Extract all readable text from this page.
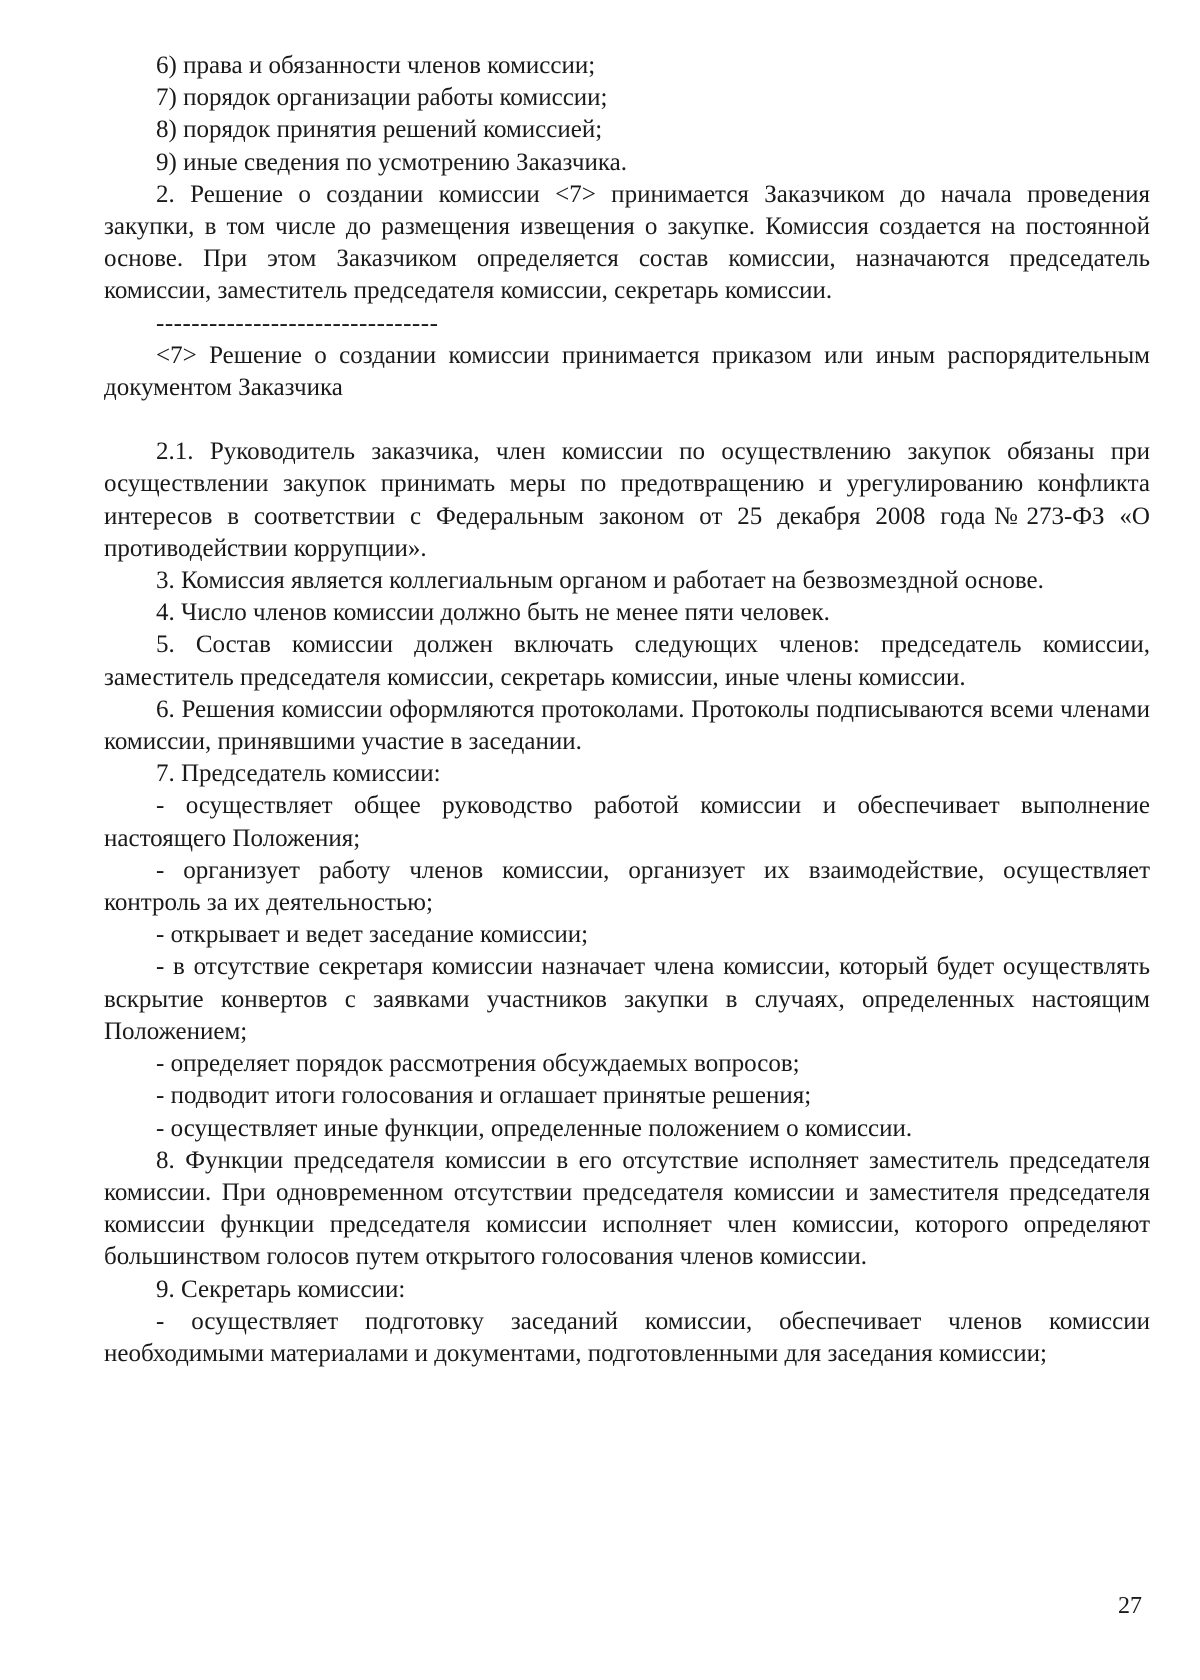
6) права и обязанности членов комиссии;

7) порядок организации работы комиссии;

8) порядок принятия решений комиссией;

9) иные сведения по усмотрению Заказчика.

2. Решение о создании комиссии <7> принимается Заказчиком до начала проведения закупки, в том числе до размещения извещения о закупке. Комиссия создается на постоянной основе. При этом Заказчиком определяется состав комиссии, назначаются председатель комиссии, заместитель председателя комиссии, секретарь комиссии.

--------------------------------

<7> Решение о создании комиссии принимается приказом или иным распорядительным документом Заказчика

2.1. Руководитель заказчика, член комиссии по осуществлению закупок обязаны при осуществлении закупок принимать меры по предотвращению и урегулированию конфликта интересов в соответствии с Федеральным законом от 25 декабря 2008 года№273-ФЗ «О противодействии коррупции».

3. Комиссия является коллегиальным органом и работает на безвозмездной основе.

4. Число членов комиссии должно быть не менее пяти человек.

5. Состав комиссии должен включать следующих членов: председатель комиссии, заместитель председателя комиссии, секретарь комиссии, иные члены комиссии.

6. Решения комиссии оформляются протоколами. Протоколы подписываются всеми членами комиссии, принявшими участие в заседании.

7. Председатель комиссии:

- осуществляет общее руководство работой комиссии и обеспечивает выполнение настоящего Положения;

- организует работу членов комиссии, организует их взаимодействие, осуществляет контроль за их деятельностью;

- открывает и ведет заседание комиссии;

- в отсутствие секретаря комиссии назначает члена комиссии, который будет осуществлять вскрытие конвертов с заявками участников закупки в случаях, определенных настоящим Положением;

- определяет порядок рассмотрения обсуждаемых вопросов;

- подводит итоги голосования и оглашает принятые решения;

- осуществляет иные функции, определенные положением о комиссии.

8. Функции председателя комиссии в его отсутствие исполняет заместитель председателя комиссии. При одновременном отсутствии председателя комиссии и заместителя председателя комиссии функции председателя комиссии исполняет член комиссии, которого определяют большинством голосов путем открытого голосования членов комиссии.

9. Секретарь комиссии:

- осуществляет подготовку заседаний комиссии, обеспечивает членов комиссии необходимыми материалами и документами, подготовленными для заседания комиссии;

27
